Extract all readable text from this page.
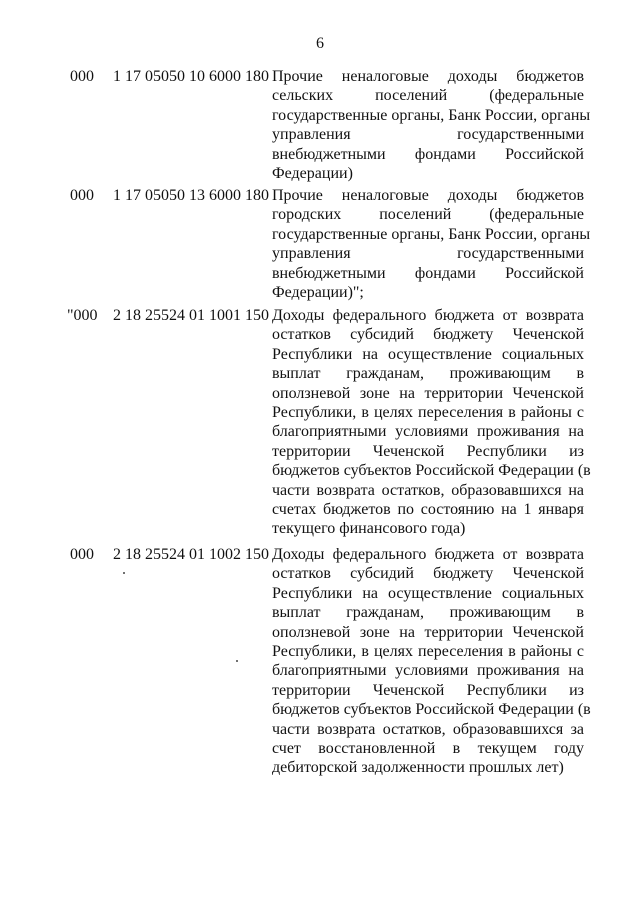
6
000 1 17 05050 10 6000 180 Прочие неналоговые доходы бюджетов
сельских поселений (федеральные
государственные органы, Банк России, органы
управления государственными
внебюджетными фондами Российской
Федерации)
000 1 17 05050 13 6000 180 Прочие неналоговые доходы бюджетов
городских поселений (федеральные
государственные органы, Банк России, органы
управления государственными
внебюджетными фондами Российской
Федерации)";
"000 2 18 25524 01 1001 150 Доходы федерального бюджета от возврата
остатков субсидий бюджету Чеченской
Республики на осуществление социальных
выплат гражданам, проживающим в
оползневой зоне на территории Чеченской
Республики, в целях переселения в районы с
благоприятными условиями проживания на
территории Чеченской Республики из
бюджетов субъектов Российской Федерации (в
части возврата остатков, образовавшихся на
счетах бюджетов по состоянию на 1 января
текущего финансового года)
000 2 18 25524 01 1002 150 Доходы федерального бюджета от возврата
остатков субсидий бюджету Чеченской
Республики на осуществление социальных
выплат гражданам, проживающим в
оползневой зоне на территории Чеченской
Республики, в целях переселения в районы с
благоприятными условиями проживания на
территории Чеченской Республики из
бюджетов субъектов Российской Федерации (в
части возврата остатков, образовавшихся за
счет восстановленной в текущем году
дебиторской задолженности прошлых лет)
